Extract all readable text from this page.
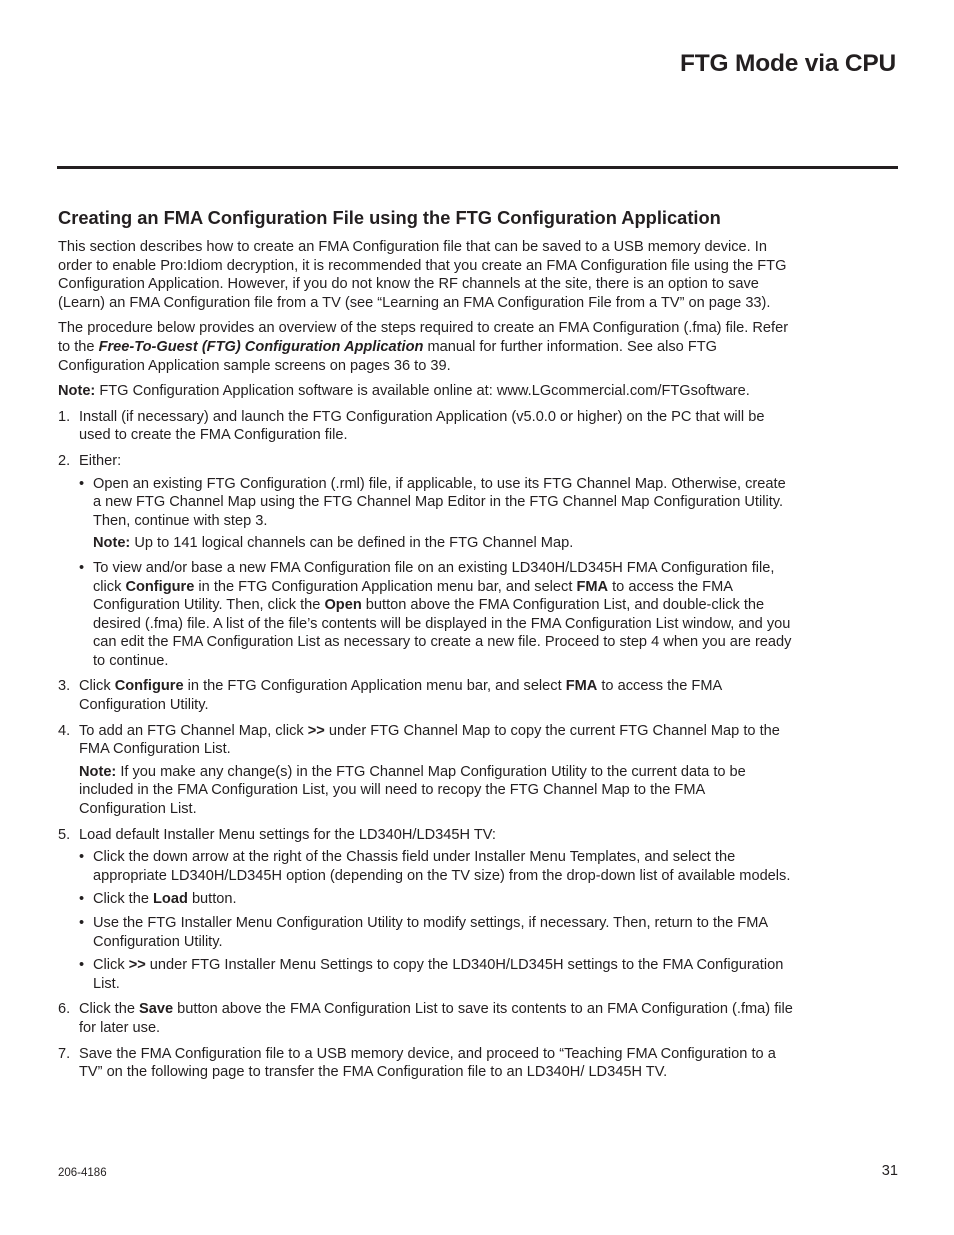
FTG Mode via CPU
Creating an FMA Configuration File using the FTG Configuration Application

This section describes how to create an FMA Configuration file that can be saved to a USB memory device. In order to enable Pro:Idiom decryption, it is recommended that you create an FMA Configuration file using the FTG Configuration Application. However, if you do not know the RF channels at the site, there is an option to save (Learn) an FMA Configuration file from a TV (see “Learning an FMA Configuration File from a TV” on page 33).

The procedure below provides an overview of the steps required to create an FMA Configuration (.fma) file. Refer to the Free-To-Guest (FTG) Configuration Application manual for further information. See also FTG Configuration Application sample screens on pages 36 to 39.

Note: FTG Configuration Application software is available online at: www.LGcommercial.com/FTGsoftware.

1. Install (if necessary) and launch the FTG Configuration Application (v5.0.0 or higher) on the PC that will be used to create the FMA Configuration file.
2. Either:
• Open an existing FTG Configuration (.rml) file, if applicable, to use its FTG Channel Map. Otherwise, create a new FTG Channel Map using the FTG Channel Map Editor in the FTG Channel Map Configuration Utility. Then, continue with step 3.
Note: Up to 141 logical channels can be defined in the FTG Channel Map.
• To view and/or base a new FMA Configuration file on an existing LD340H/LD345H FMA Configuration file, click Configure in the FTG Configuration Application menu bar, and select FMA to access the FMA Configuration Utility. Then, click the Open button above the FMA Configuration List, and double-click the desired (.fma) file. A list of the file’s contents will be displayed in the FMA Configuration List window, and you can edit the FMA Configuration List as necessary to create a new file. Proceed to step 4 when you are ready to continue.
3. Click Configure in the FTG Configuration Application menu bar, and select FMA to access the FMA Configuration Utility.
4. To add an FTG Channel Map, click >> under FTG Channel Map to copy the current FTG Channel Map to the FMA Configuration List.
Note: If you make any change(s) in the FTG Channel Map Configuration Utility to the current data to be included in the FMA Configuration List, you will need to recopy the FTG Channel Map to the FMA Configuration List.
5. Load default Installer Menu settings for the LD340H/LD345H TV:
• Click the down arrow at the right of the Chassis field under Installer Menu Templates, and select the appropriate LD340H/LD345H option (depending on the TV size) from the drop-down list of available models.
• Click the Load button.
• Use the FTG Installer Menu Configuration Utility to modify settings, if necessary. Then, return to the FMA Configuration Utility.
• Click >> under FTG Installer Menu Settings to copy the LD340H/LD345H settings to the FMA Configuration List.
6. Click the Save button above the FMA Configuration List to save its contents to an FMA Configuration (.fma) file for later use.
7. Save the FMA Configuration file to a USB memory device, and proceed to “Teaching FMA Configuration to a TV” on the following page to transfer the FMA Configuration file to an LD340H/ LD345H TV.
206-4186	31
